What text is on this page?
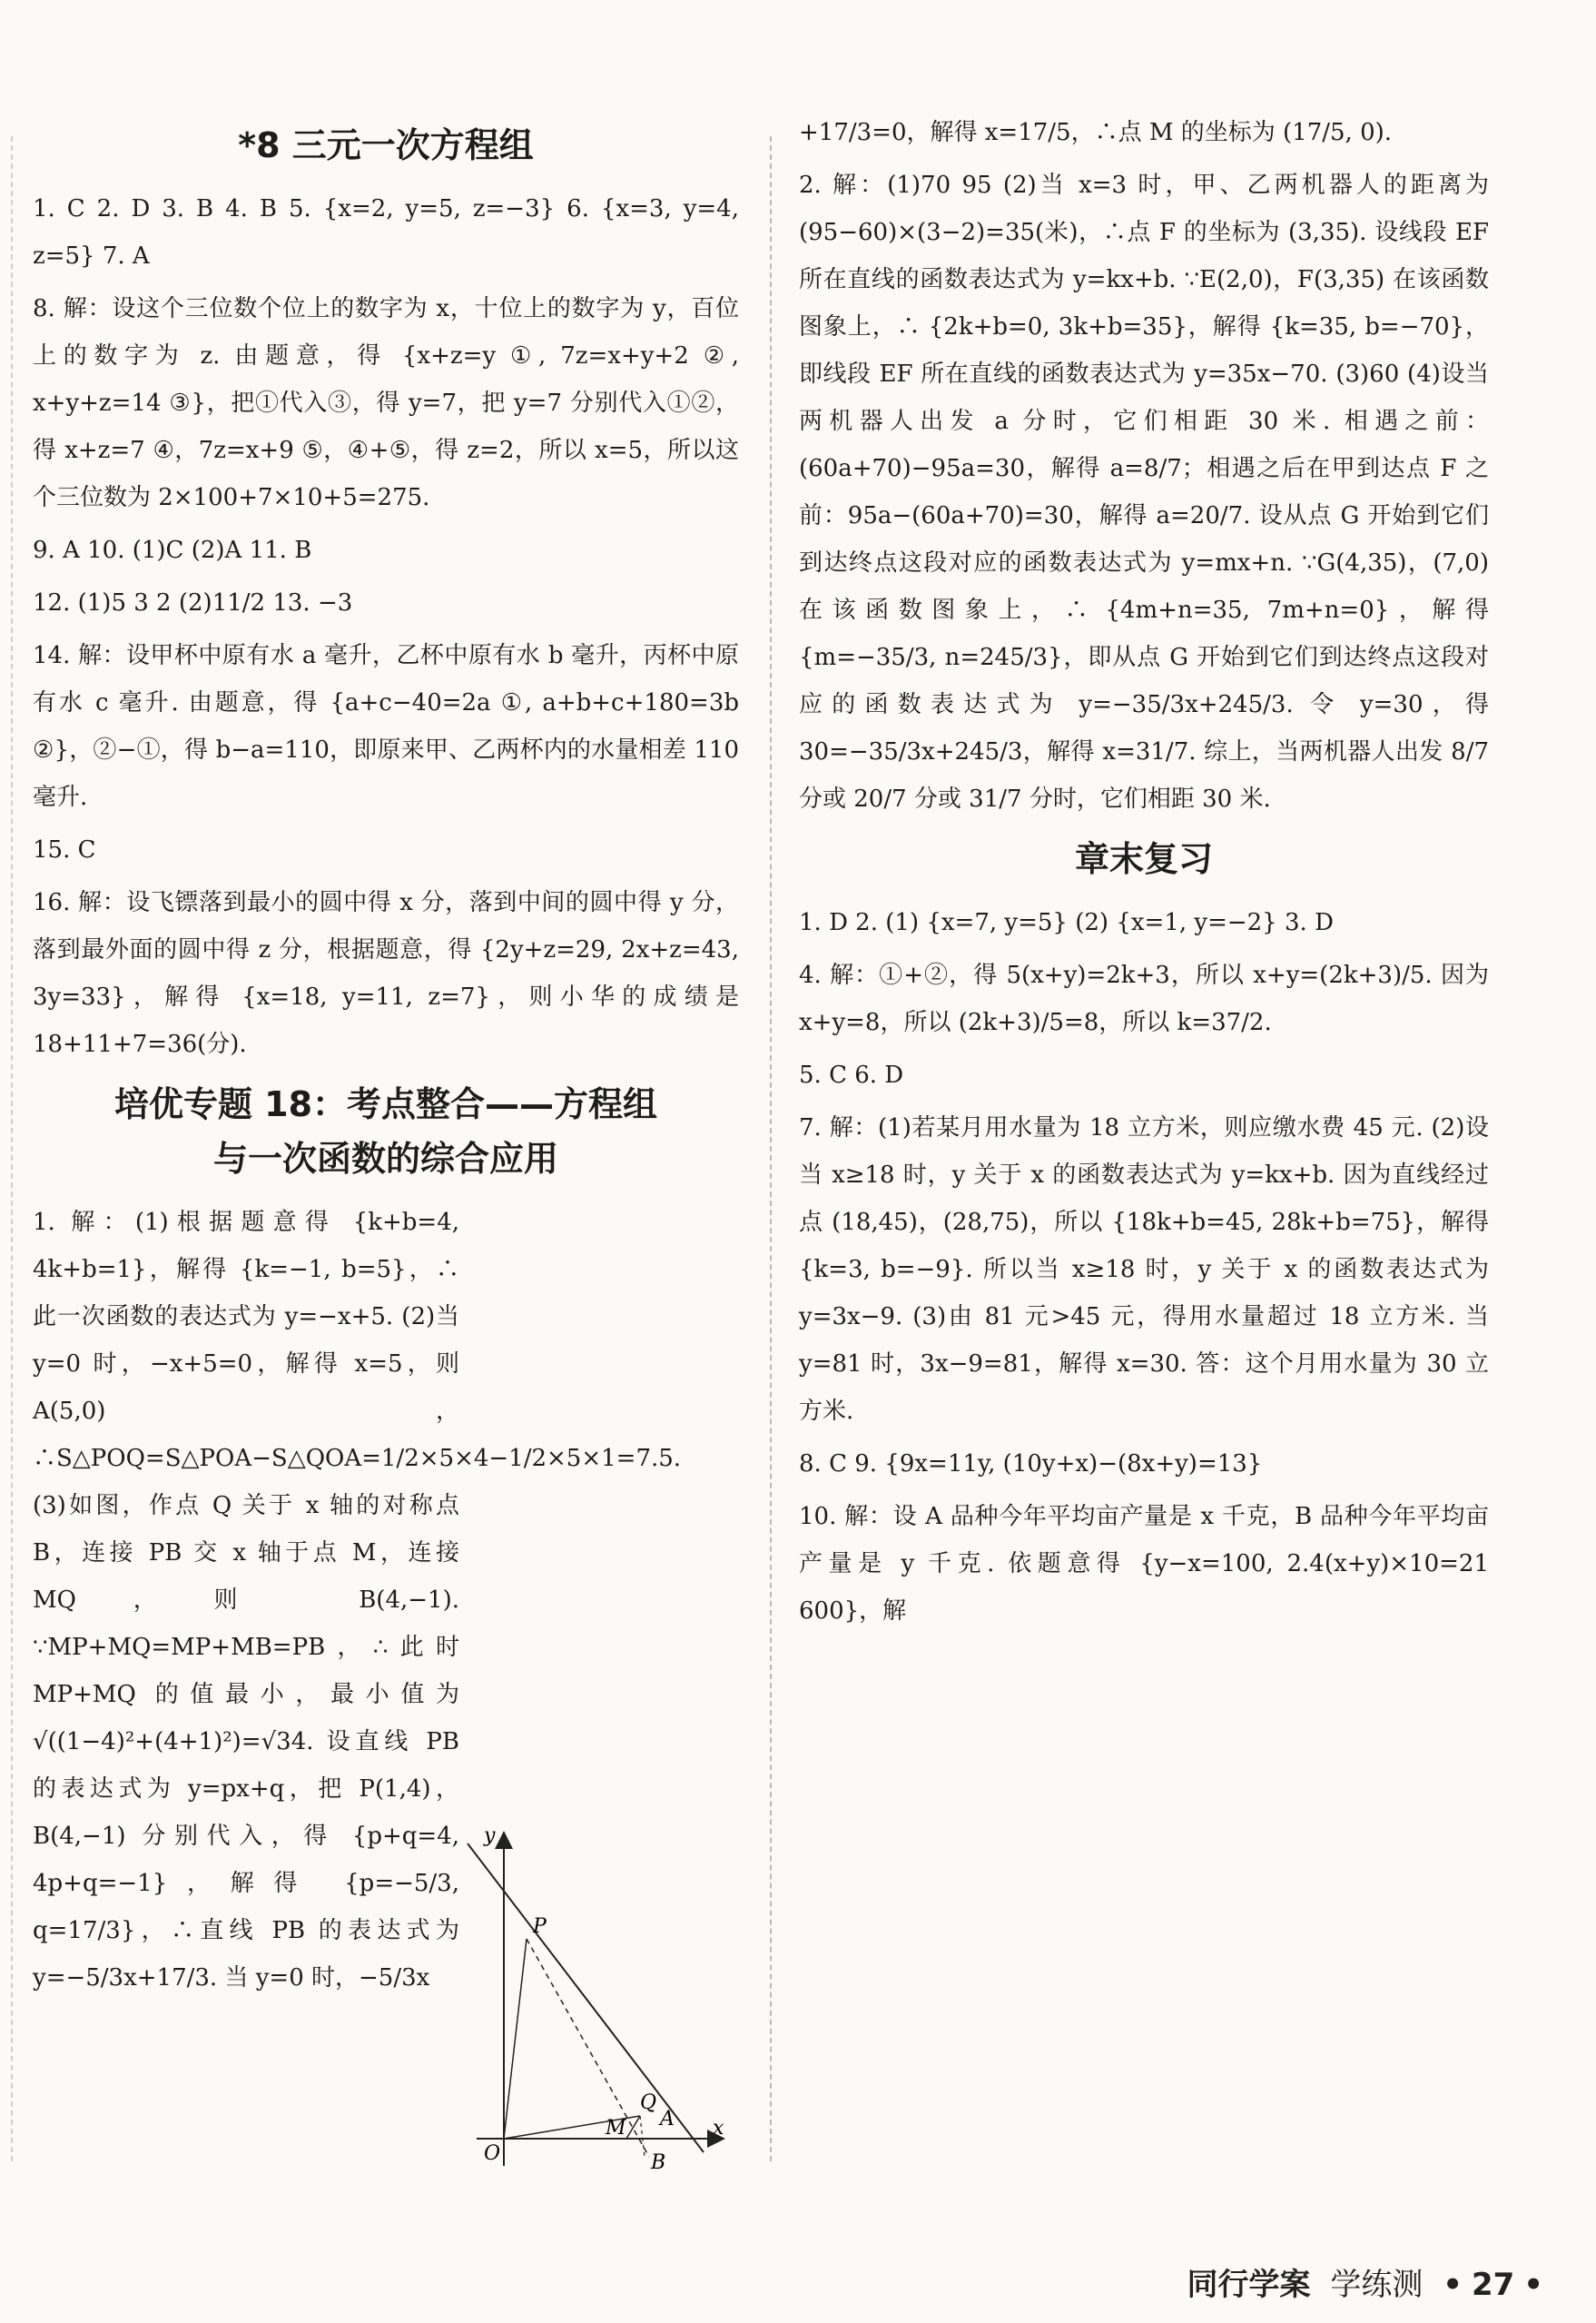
*8 三元一次方程组
1. C 2. D 3. B 4. B 5. {x=2, y=5, z=−3} 6. {x=3, y=4, z=5} 7. A
8. 解：设这个三位数个位上的数字为 x，十位上的数字为 y，百位上的数字为 z. 由题意，得 {x+z=y ①, 7z=x+y+2 ②, x+y+z=14 ③}，把①代入③，得 y=7，把 y=7 分别代入①②，得 x+z=7 ④，7z=x+9 ⑤，④+⑤，得 z=2，所以 x=5，所以这个三位数为 2×100+7×10+5=275.
9. A 10. (1)C (2)A 11. B
12. (1)5 3 2 (2)11/2 13. −3
14. 解：设甲杯中原有水 a 毫升，乙杯中原有水 b 毫升，丙杯中原有水 c 毫升. 由题意，得 {a+c−40=2a ①, a+b+c+180=3b ②}，②−①，得 b−a=110，即原来甲、乙两杯内的水量相差 110 毫升.
15. C
16. 解：设飞镖落到最小的圆中得 x 分，落到中间的圆中得 y 分，落到最外面的圆中得 z 分，根据题意，得 {2y+z=29, 2x+z=43, 3y=33}，解得 {x=18, y=11, z=7}，则小华的成绩是 18+11+7=36(分).
培优专题 18：考点整合——方程组
与一次函数的综合应用
1. 解：(1)根据题意得 {k+b=4, 4k+b=1}，解得 {k=−1, b=5}，∴此一次函数的表达式为 y=−x+5. (2)当 y=0 时，−x+5=0，解得 x=5，则 A(5,0)，∴S△POQ=S△POA−S△QOA=1/2×5×4−1/2×5×1=7.5. (3)如图，作点 Q 关于 x 轴的对称点 B，连接 PB 交 x 轴于点 M，连接 MQ，则 B(4,−1). ∵MP+MQ=MP+MB=PB，∴此时 MP+MQ 的值最小，最小值为 √((1−4)²+(4+1)²)=√34. 设直线 PB 的表达式为 y=px+q，把 P(1,4)，B(4,−1) 分别代入，得 {p+q=4, 4p+q=−1}，解得 {p=−5/3, q=17/3}，∴直线 PB 的表达式为 y=−5/3x+17/3. 当 y=0 时，−5/3x
y
x
O
P
Q
A
M
B
+17/3=0，解得 x=17/5，∴点 M 的坐标为 (17/5, 0).
2. 解：(1)70 95 (2)当 x=3 时，甲、乙两机器人的距离为 (95−60)×(3−2)=35(米)，∴点 F 的坐标为 (3,35). 设线段 EF 所在直线的函数表达式为 y=kx+b. ∵E(2,0)，F(3,35) 在该函数图象上，∴ {2k+b=0, 3k+b=35}，解得 {k=35, b=−70}，即线段 EF 所在直线的函数表达式为 y=35x−70. (3)60 (4)设当两机器人出发 a 分时，它们相距 30 米. 相遇之前：(60a+70)−95a=30，解得 a=8/7；相遇之后在甲到达点 F 之前：95a−(60a+70)=30，解得 a=20/7. 设从点 G 开始到它们到达终点这段对应的函数表达式为 y=mx+n. ∵G(4,35)，(7,0) 在该函数图象上，∴ {4m+n=35, 7m+n=0}，解得 {m=−35/3, n=245/3}，即从点 G 开始到它们到达终点这段对应的函数表达式为 y=−35/3x+245/3. 令 y=30，得 30=−35/3x+245/3，解得 x=31/7. 综上，当两机器人出发 8/7 分或 20/7 分或 31/7 分时，它们相距 30 米.
章末复习
1. D 2. (1) {x=7, y=5} (2) {x=1, y=−2} 3. D
4. 解：①+②，得 5(x+y)=2k+3，所以 x+y=(2k+3)/5. 因为 x+y=8，所以 (2k+3)/5=8，所以 k=37/2.
5. C 6. D
7. 解：(1)若某月用水量为 18 立方米，则应缴水费 45 元. (2)设当 x≥18 时，y 关于 x 的函数表达式为 y=kx+b. 因为直线经过点 (18,45)，(28,75)，所以 {18k+b=45, 28k+b=75}，解得 {k=3, b=−9}. 所以当 x≥18 时，y 关于 x 的函数表达式为 y=3x−9. (3)由 81 元>45 元，得用水量超过 18 立方米. 当 y=81 时，3x−9=81，解得 x=30. 答：这个月用水量为 30 立方米.
8. C 9. {9x=11y, (10y+x)−(8x+y)=13}
10. 解：设 A 品种今年平均亩产量是 x 千克，B 品种今年平均亩产量是 y 千克. 依题意得 {y−x=100, 2.4(x+y)×10=21 600}，解
同行学案 学练测 • 27 •
